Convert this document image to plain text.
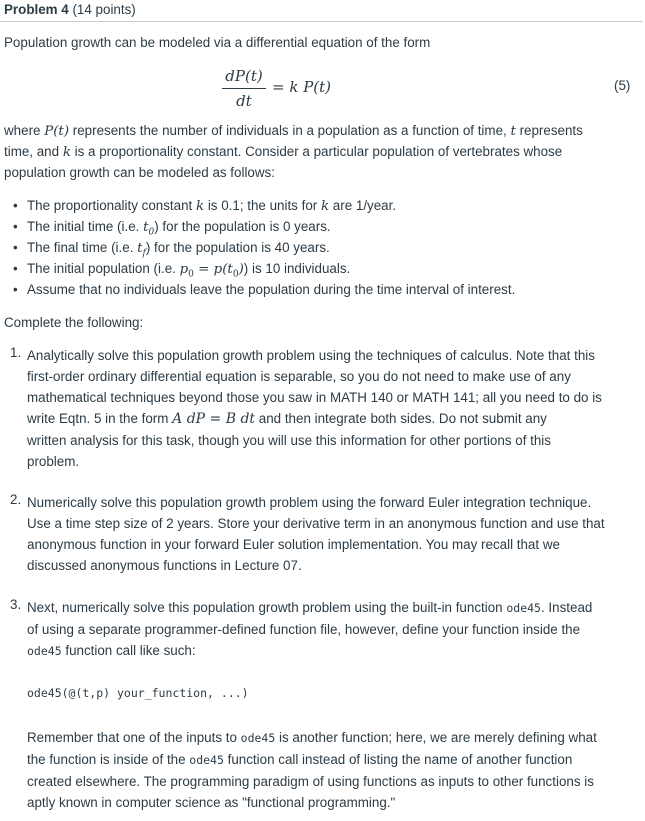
Problem 4 (14 points)
Population growth can be modeled via a differential equation of the form
dP(t)
dt
= k P(t)	(5)
where P(t) represents the number of individuals in a population as a function of time, t represents
time, and k is a proportionality constant. Consider a particular population of vertebrates whose
population growth can be modeled as follows:
• The proportionality constant k is 0.1; the units for k are 1/year.
• The initial time (i.e. $t_0$) for the population is 0 years.
• The final time (i.e. $t_f$) for the population is 40 years.
• The initial population (i.e. $p_0 = p(t_0)$) is 10 individuals.
• Assume that no individuals leave the population during the time interval of interest.
Complete the following:
1. Analytically solve this population growth problem using the techniques of calculus. Note that this
first-order ordinary differential equation is separable, so you do not need to make use of any
mathematical techniques beyond those you saw in MATH 140 or MATH 141; all you need to do is
write Eqtn. 5 in the form A dP = B dt and then integrate both sides. Do not submit any
written analysis for this task, though you will use this information for other portions of this
problem.
2. Numerically solve this population growth problem using the forward Euler integration technique.
Use a time step size of 2 years. Store your derivative term in an anonymous function and use that
anonymous function in your forward Euler solution implementation. You may recall that we
discussed anonymous functions in Lecture 07.
3. Next, numerically solve this population growth problem using the built-in function ode45. Instead
of using a separate programmer-defined function file, however, define your function inside the
ode45 function call like such:
ode45(@(t,p) your_function, ...)
Remember that one of the inputs to ode45 is another function; here, we are merely defining what
the function is inside of the ode45 function call instead of listing the name of another function
created elsewhere. The programming paradigm of using functions as inputs to other functions is
aptly known in computer science as "functional programming."
